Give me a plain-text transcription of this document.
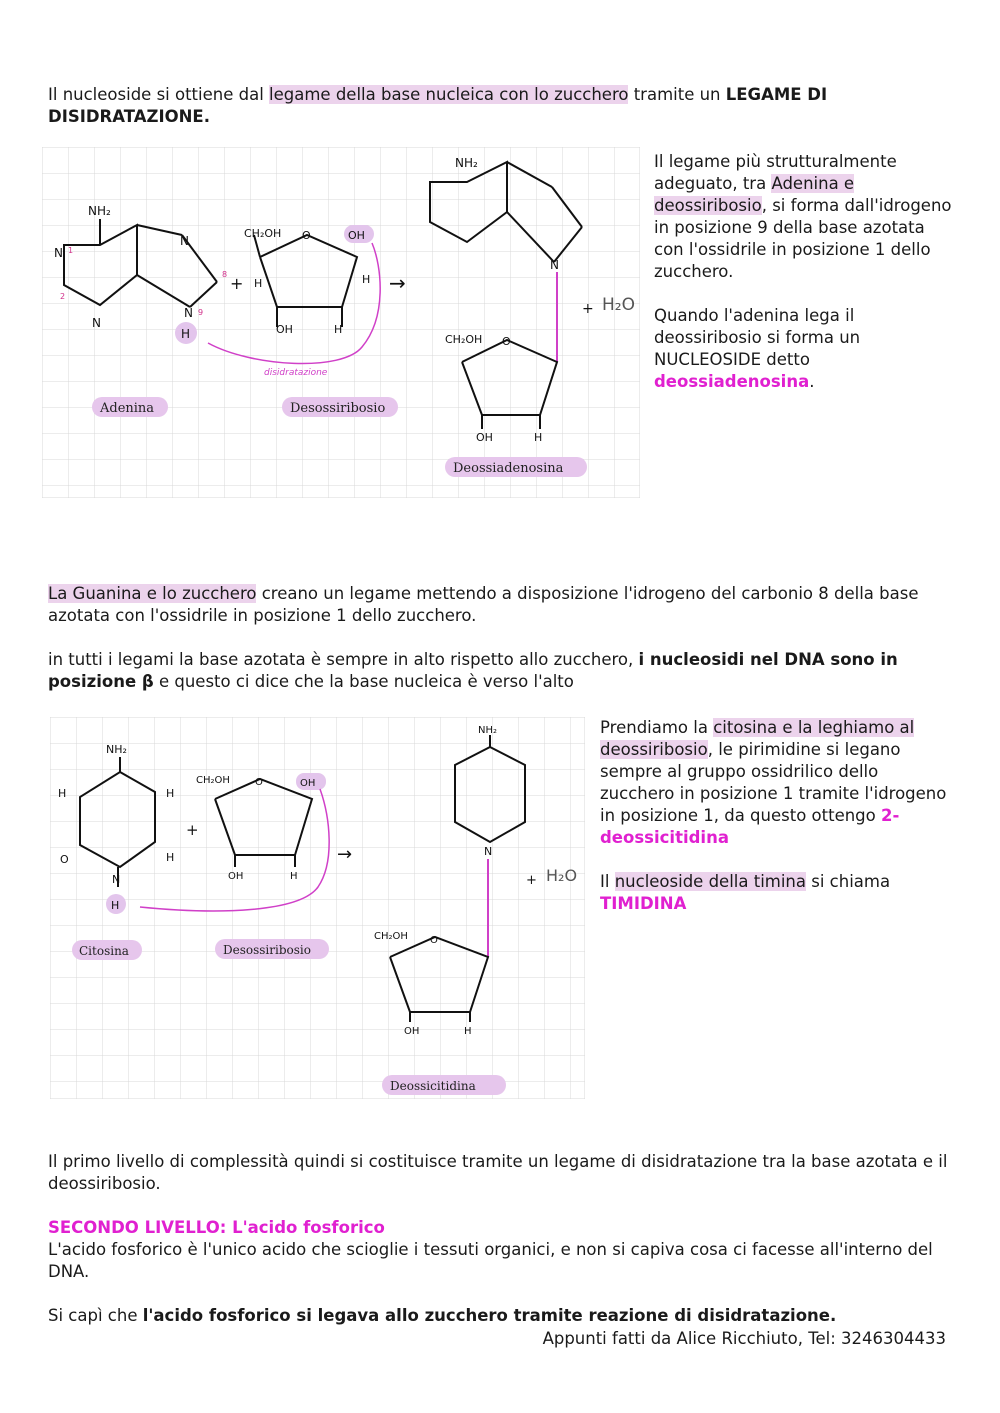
Il nucleoside si ottiene dal legame della base nucleica con lo zucchero tramite un LEGAME DI DISIDRATAZIONE.

NH₂
N
N
N
N
1
2
8
9
H
+
CH₂OH O
OH	H
H	H
OH
disidratazione
→
NH₂
N
CH₂OH O
OH	H
+ H₂O
Adenina	Desossiribosio
Deossiadenosina
Il legame più strutturalmente adeguato, tra Adenina e deossiribosio, si forma dall'idrogeno in posizione 9 della base azotata con l'ossidrile in posizione 1 dello zucchero.
Quando l'adenina lega il deossiribosio si forma un NUCLEOSIDE detto deossiadenosina.

La Guanina e lo zucchero creano un legame mettendo a disposizione l'idrogeno del carbonio 8 della base azotata con l'ossidrile in posizione 1 dello zucchero.

in tutti i legami la base azotata è sempre in alto rispetto allo zucchero, i nucleosidi nel DNA sono in posizione β e questo ci dice che la base nucleica è verso l'alto

NH₂
H
O
H
H
N
H
+
CH₂OH	O
OH	H
OH
→
NH₂
N
CH₂OH O
OH	H
+ H₂O
Citosina	Desossiribosio
Deossicitidina
Prendiamo la citosina e la leghiamo al deossiribosio, le pirimidine si legano sempre al gruppo ossidrilico dello zucchero in posizione 1 tramite l'idrogeno in posizione 1, da questo ottengo 2- deossicitidina
Il nucleoside della timina si chiama
TIMIDINA

Il primo livello di complessità quindi si costituisce tramite un legame di disidratazione tra la base azotata e il deossiribosio.

SECONDO LIVELLO: L'acido fosforico

L'acido fosforico è l'unico acido che scioglie i tessuti organici, e non si capiva cosa ci facesse all'interno del DNA.

Si capì che l'acido fosforico si legava allo zucchero tramite reazione di disidratazione.

Appunti fatti da Alice Ricchiuto, Tel: 3246304433
